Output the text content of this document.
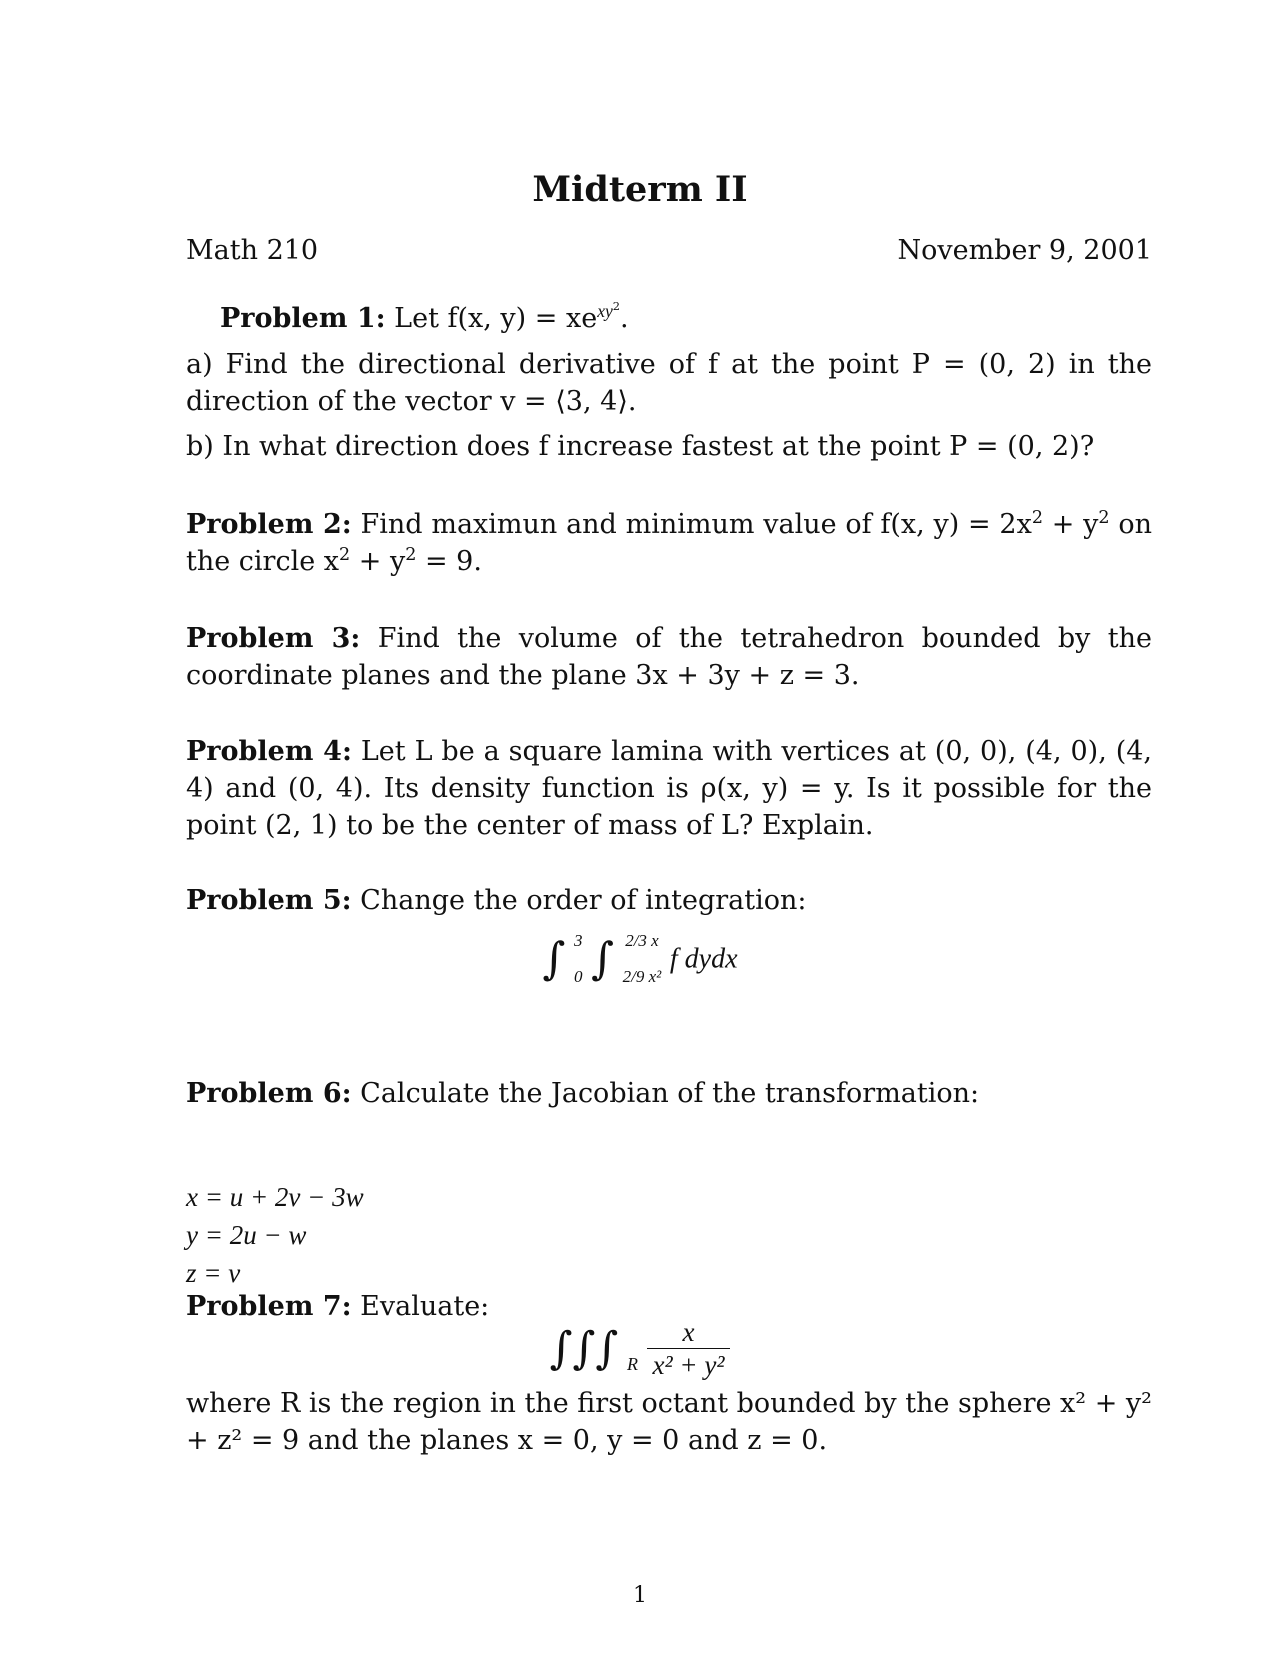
Midterm II
Math 210	November 9, 2001
Problem 1: Let f(x, $y) = xe^{xy^2}$.
a) Find the directional derivative of f at the point P = (0, 2) in the direction of the vector v = ⟨3, 4⟩.
b) In what direction does f increase fastest at the point P = (0, 2)?
Problem 2: Find maximun and minimum value of f(x, $y) = 2x^2 + y^2$ on the circle $x^2 + y^2 = 9$.
Problem 3: Find the volume of the tetrahedron bounded by the coordinate planes and the plane 3x + 3y + z = 3.
Problem 4: Let L be a square lamina with vertices at (0, 0), (4, 0), (4, 4) and (0, 4). Its density function is ρ(x, y) = y. Is it possible for the point (2, 1) to be the center of mass of L? Explain.
Problem 5: Change the order of integration:
∫ 3
0 ∫ 2/3 x
2/9 x²
f dydx
Problem 6: Calculate the Jacobian of the transformation:
x = u + 2v − 3w
y = 2u − w
z = v
Problem 7: Evaluate:
∫∫∫ $_R \frac{x}{\text{x² + y²}}$
where R is the region in the first octant bounded by the sphere x² + y² + z² = 9 and the planes x = 0, y = 0 and z = 0.
1
